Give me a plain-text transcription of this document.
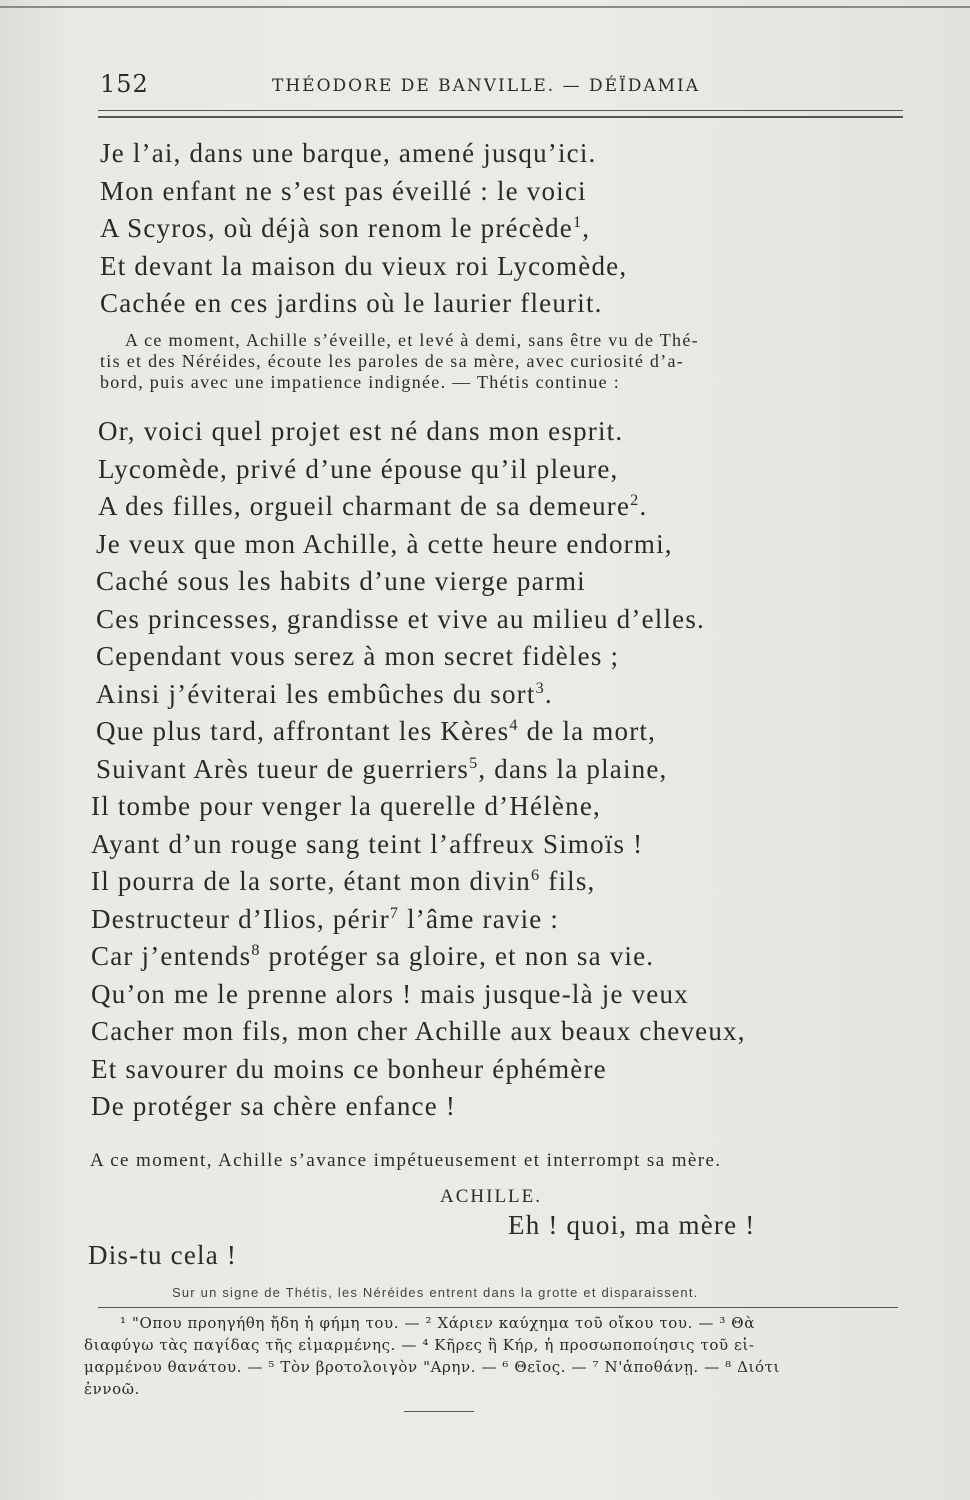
152	THÉODORE DE BANVILLE. — DÉÏDAMIA
Je l’ai, dans une barque, amené jusqu’ici.
Mon enfant ne s’est pas éveillé : le voici
A Scyros, où déjà son renom le précède$^1$,
Et devant la maison du vieux roi Lycomède,
Cachée en ces jardins où le laurier fleurit.
A ce moment, Achille s’éveille, et levé à demi, sans être vu de Thé-
tis et des Néréides, écoute les paroles de sa mère, avec curiosité d’a-
bord, puis avec une impatience indignée. — Thétis continue :
Or, voici quel projet est né dans mon esprit.
Lycomède, privé d’une épouse qu’il pleure,
A des filles, orgueil charmant de sa demeure$^2$.
Je veux que mon Achille, à cette heure endormi,
Caché sous les habits d’une vierge parmi
Ces princesses, grandisse et vive au milieu d’elles.
Cependant vous serez à mon secret fidèles ;
Ainsi j’éviterai les embûches du sort$^3$.
Que plus tard, affrontant les Kères$^4$ de la mort,
Suivant Arès tueur de guerriers$^5$, dans la plaine,
Il tombe pour venger la querelle d’Hélène,
Ayant d’un rouge sang teint l’affreux Simoïs !
Il pourra de la sorte, étant mon divin$^6$ fils,
Destructeur d’Ilios, périr$^7$ l’âme ravie :
Car j’entends$^8$ protéger sa gloire, et non sa vie.
Qu’on me le prenne alors ! mais jusque-là je veux
Cacher mon fils, mon cher Achille aux beaux cheveux,
Et savourer du moins ce bonheur éphémère
De protéger sa chère enfance !
A ce moment, Achille s’avance impétueusement et interrompt sa mère.
ACHILLE.
Eh ! quoi, ma mère !
Dis-tu cela !
Sur un signe de Thétis, les Néréides entrent dans la grotte et disparaissent.
¹ "Οπου προηγήθη ἤδη ἡ φήμη του. — ² Χάριεν καύχημα τοῦ οἴκου του. — ³ Θὰ
διαφύγω τὰς παγίδας τῆς εἱμαρμένης. — ⁴ Κῆρες ἢ Κήρ, ἡ προσωποποίησις τοῦ εἱ-
μαρμένου θανάτου. — ⁵ Τὸν βροτολοιγὸν "Αρην. — ⁶ Θεῖος. — ⁷ Ν'ἀποθάνῃ. — ⁸ Διότι
ἐννοῶ.
